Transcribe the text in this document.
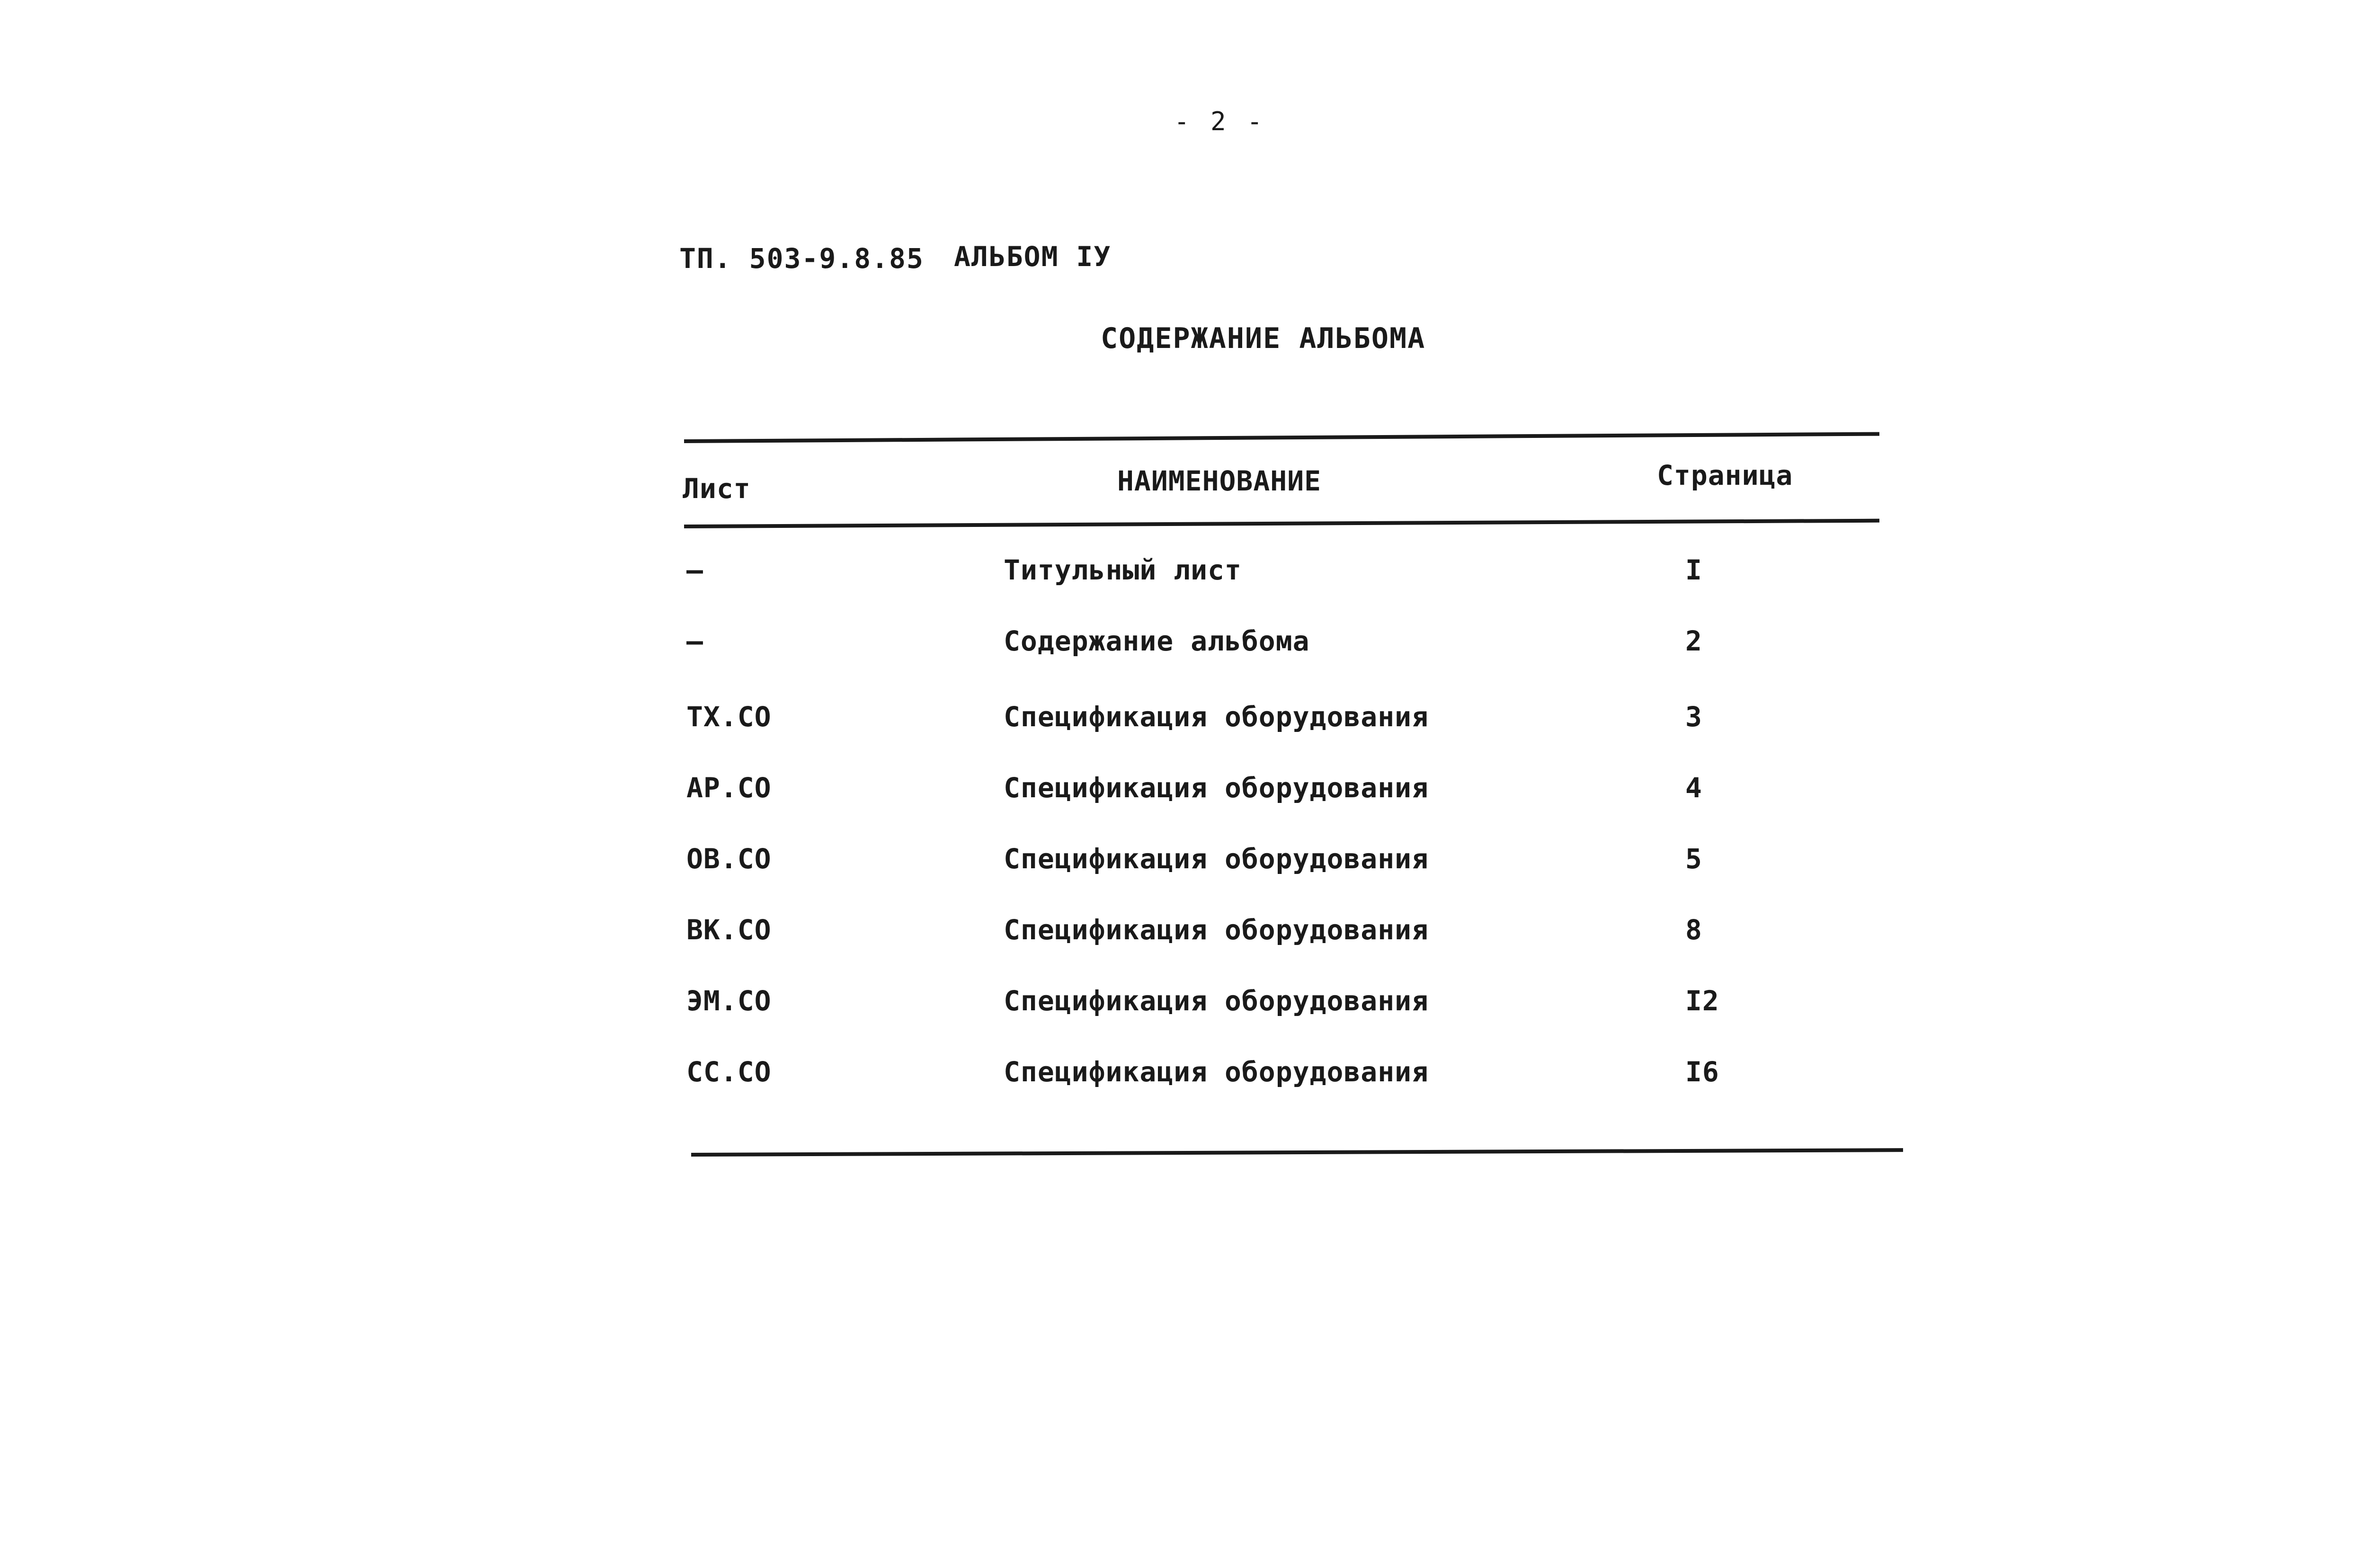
- 2 -
ТП. 503-9.8.85 АЛЬБОМ IУ
СОДЕРЖАНИЕ АЛЬБОМА
Лист	НАИМЕНОВАНИЕ	Страница
–	Титульный лист	I
–	Содержание альбома	2
ТХ.СО	Спецификация оборудования	3
АР.СО	Спецификация оборудования	4
ОВ.СО	Спецификация оборудования	5
ВК.СО	Спецификация оборудования	8
ЭМ.СО	Спецификация оборудования	I2
СС.СО	Спецификация оборудования	I6
